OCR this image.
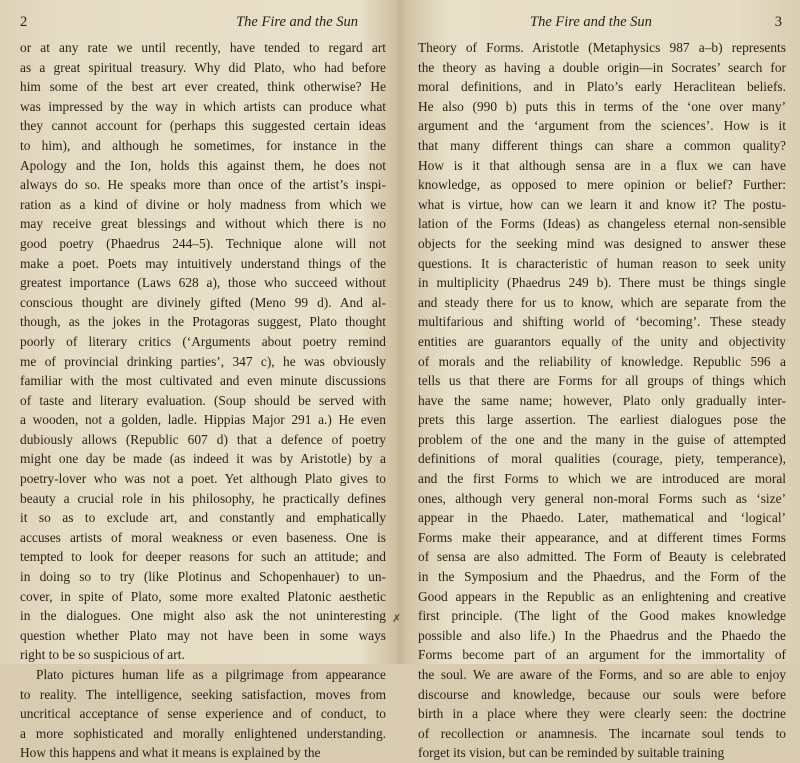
2	The Fire and the Sun
or at any rate we until recently, have tended to regard art
as a great spiritual treasury. Why did Plato, who had before
him some of the best art ever created, think otherwise? He
was impressed by the way in which artists can produce what
they cannot account for (perhaps this suggested certain ideas
to him), and although he sometimes, for instance in the
Apology and the Ion, holds this against them, he does not
always do so. He speaks more than once of the artist’s inspi-
ration as a kind of divine or holy madness from which we
may receive great blessings and without which there is no
good poetry (Phaedrus 244–5). Technique alone will not
make a poet. Poets may intuitively understand things of the
greatest importance (Laws 628 a), those who succeed without
conscious thought are divinely gifted (Meno 99 d). And al-
though, as the jokes in the Protagoras suggest, Plato thought
poorly of literary critics (‘Arguments about poetry remind
me of provincial drinking parties’, 347 c), he was obviously
familiar with the most cultivated and even minute discussions
of taste and literary evaluation. (Soup should be served with
a wooden, not a golden, ladle. Hippias Major 291 a.) He even
dubiously allows (Republic 607 d) that a defence of poetry
might one day be made (as indeed it was by Aristotle) by a
poetry-lover who was not a poet. Yet although Plato gives to
beauty a crucial role in his philosophy, he practically defines
it so as to exclude art, and constantly and emphatically
accuses artists of moral weakness or even baseness. One is
tempted to look for deeper reasons for such an attitude; and
in doing so to try (like Plotinus and Schopenhauer) to un-
cover, in spite of Plato, some more exalted Platonic aesthetic
in the dialogues. One might also ask the not uninteresting
question whether Plato may not have been in some ways
right to be so suspicious of art.
Plato pictures human life as a pilgrimage from appearance
to reality. The intelligence, seeking satisfaction, moves from
uncritical acceptance of sense experience and of conduct, to
a more sophisticated and morally enlightened understanding.
How this happens and what it means is explained by the
The Fire and the Sun	3
Theory of Forms. Aristotle (Metaphysics 987 a–b) represents
the theory as having a double origin—in Socrates’ search for
moral definitions, and in Plato’s early Heraclitean beliefs.
He also (990 b) puts this in terms of the ‘one over many’
argument and the ‘argument from the sciences’. How is it
that many different things can share a common quality?
How is it that although sensa are in a flux we can have
knowledge, as opposed to mere opinion or belief? Further:
what is virtue, how can we learn it and know it? The postu-
lation of the Forms (Ideas) as changeless eternal non-sensible
objects for the seeking mind was designed to answer these
questions. It is characteristic of human reason to seek unity
in multiplicity (Phaedrus 249 b). There must be things single
and steady there for us to know, which are separate from the
multifarious and shifting world of ‘becoming’. These steady
entities are guarantors equally of the unity and objectivity
of morals and the reliability of knowledge. Republic 596 a
tells us that there are Forms for all groups of things which
have the same name; however, Plato only gradually inter-
prets this large assertion. The earliest dialogues pose the
problem of the one and the many in the guise of attempted
definitions of moral qualities (courage, piety, temperance),
and the first Forms to which we are introduced are moral
ones, although very general non-moral Forms such as ‘size’
appear in the Phaedo. Later, mathematical and ‘logical’
Forms make their appearance, and at different times Forms
of sensa are also admitted. The Form of Beauty is celebrated
in the Symposium and the Phaedrus, and the Form of the
Good appears in the Republic as an enlightening and creative
first principle. (The light of the Good makes knowledge
possible and also life.) In the Phaedrus and the Phaedo the
Forms become part of an argument for the immortality of
the soul. We are aware of the Forms, and so are able to enjoy
discourse and knowledge, because our souls were before
birth in a place where they were clearly seen: the doctrine
of recollection or anamnesis. The incarnate soul tends to
forget its vision, but can be reminded by suitable training
✗
